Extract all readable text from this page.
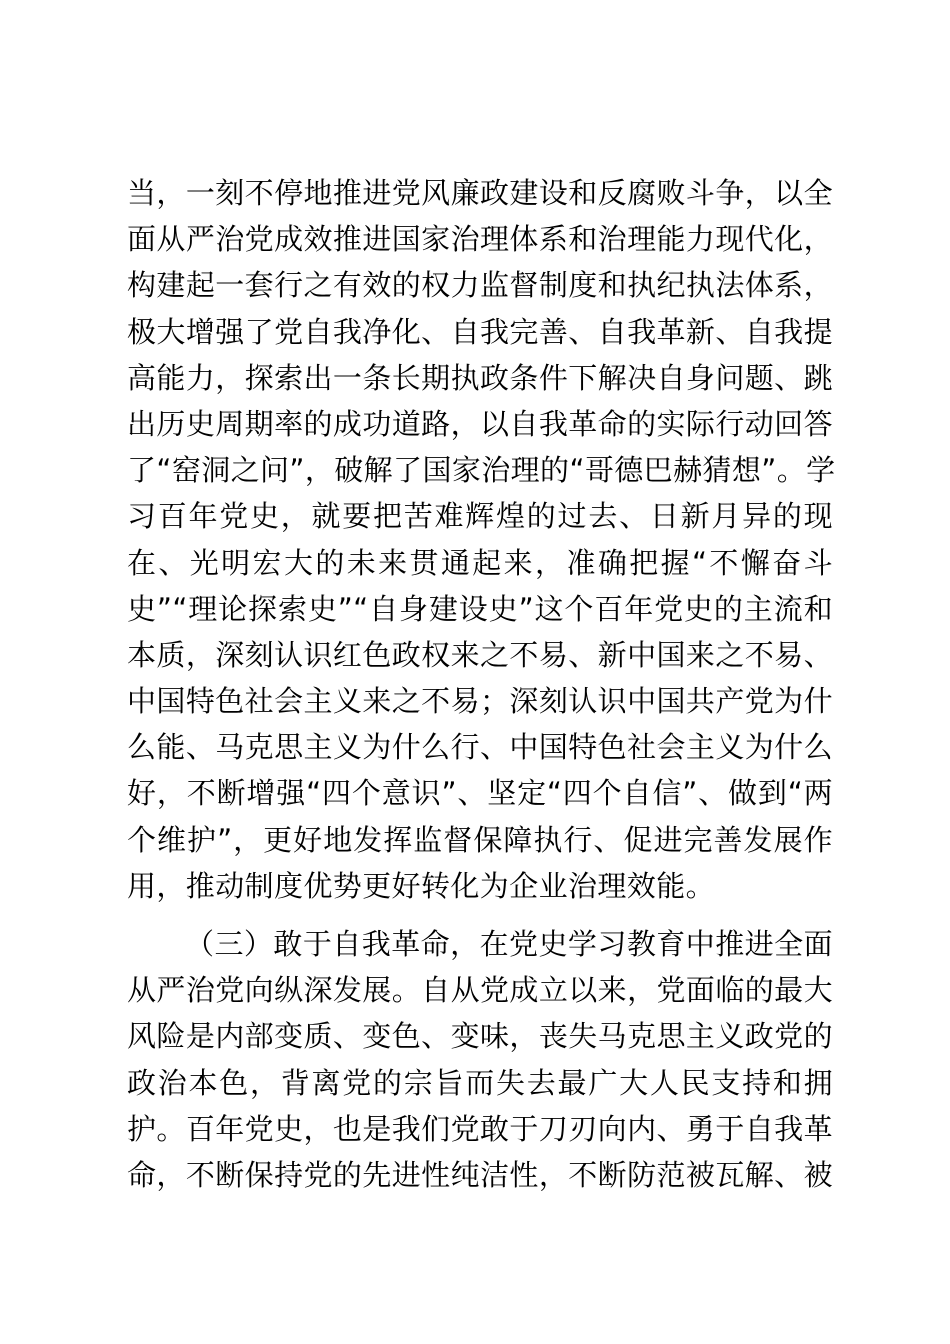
当，一刻不停地推进党风廉政建设和反腐败斗争，以全
面从严治党成效推进国家治理体系和治理能力现代化，
构建起一套行之有效的权力监督制度和执纪执法体系，
极大增强了党自我净化、自我完善、自我革新、自我提
高能力，探索出一条长期执政条件下解决自身问题、跳
出历史周期率的成功道路，以自我革命的实际行动回答
了“窑洞之问”，破解了国家治理的“哥德巴赫猜想”。学
习百年党史，就要把苦难辉煌的过去、日新月异的现
在、光明宏大的未来贯通起来，准确把握“不懈奋斗
史”“理论探索史”“自身建设史”这个百年党史的主流和
本质，深刻认识红色政权来之不易、新中国来之不易、
中国特色社会主义来之不易；深刻认识中国共产党为什
么能、马克思主义为什么行、中国特色社会主义为什么
好，不断增强“四个意识”、坚定“四个自信”、做到“两
个维护”，更好地发挥监督保障执行、促进完善发展作
用，推动制度优势更好转化为企业治理效能。
（三）敢于自我革命，在党史学习教育中推进全面
从严治党向纵深发展。自从党成立以来，党面临的最大
风险是内部变质、变色、变味，丧失马克思主义政党的
政治本色，背离党的宗旨而失去最广大人民支持和拥
护。百年党史，也是我们党敢于刀刃向内、勇于自我革
命，不断保持党的先进性纯洁性，不断防范被瓦解、被
